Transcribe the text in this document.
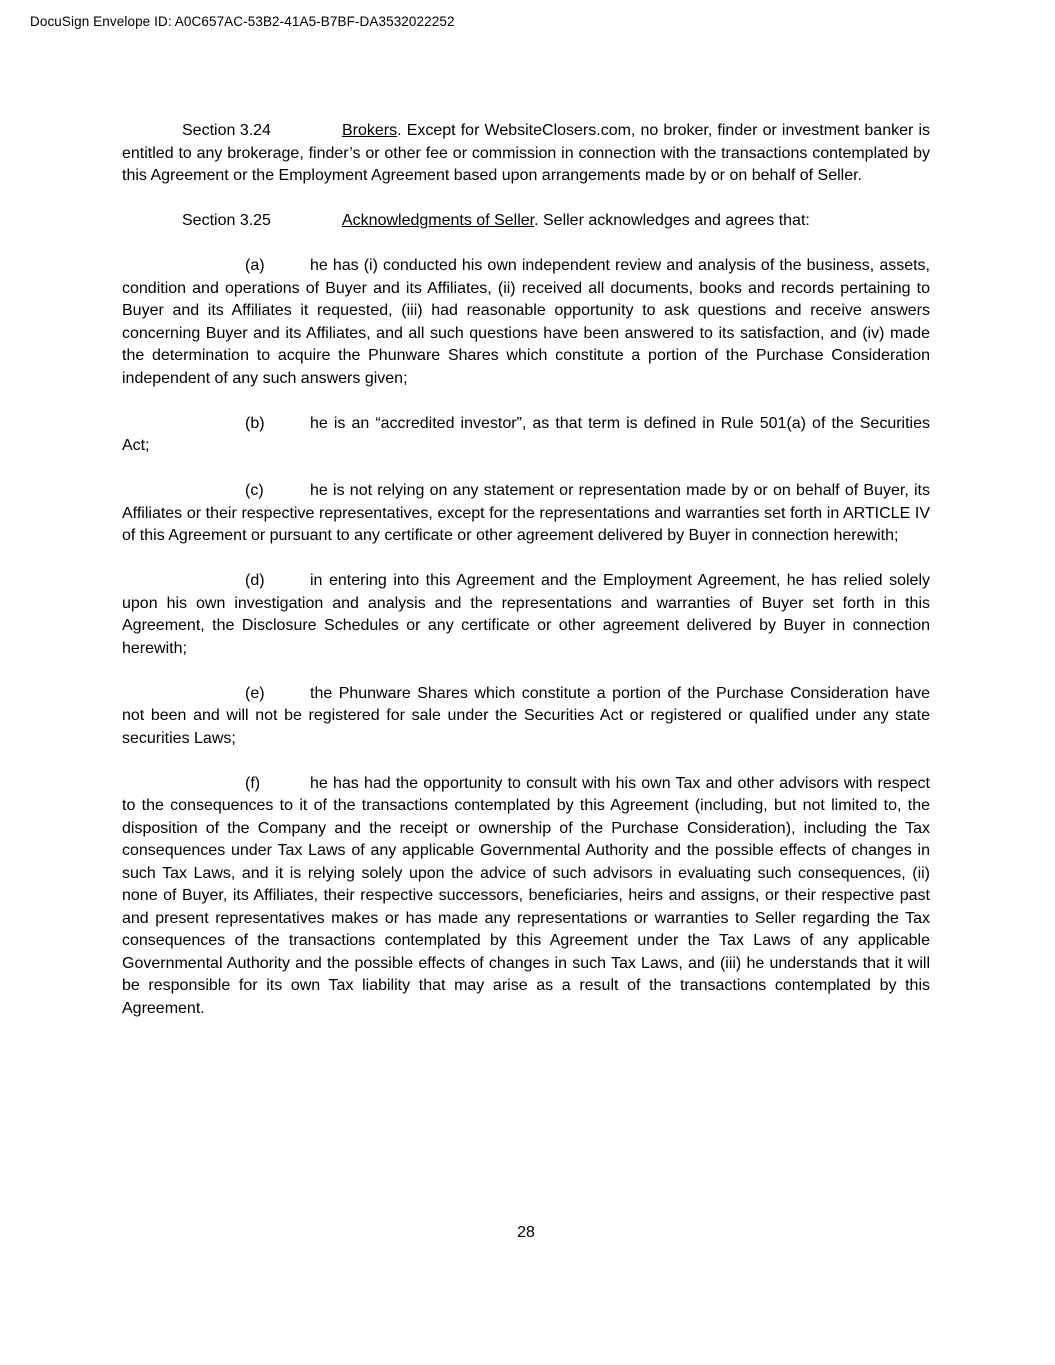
DocuSign Envelope ID: A0C657AC-53B2-41A5-B7BF-DA3532022252

Section 3.24	Brokers. Except for WebsiteClosers.com, no broker, finder or investment banker is entitled to any brokerage, finder’s or other fee or commission in connection with the transactions contemplated by this Agreement or the Employment Agreement based upon arrangements made by or on behalf of Seller.

Section 3.25	Acknowledgments of Seller. Seller acknowledges and agrees that:

(a)	he has (i) conducted his own independent review and analysis of the business, assets, condition and operations of Buyer and its Affiliates, (ii) received all documents, books and records pertaining to Buyer and its Affiliates it requested, (iii) had reasonable opportunity to ask questions and receive answers concerning Buyer and its Affiliates, and all such questions have been answered to its satisfaction, and (iv) made the determination to acquire the Phunware Shares which constitute a portion of the Purchase Consideration independent of any such answers given;

(b)	he is an “accredited investor”, as that term is defined in Rule 501(a) of the Securities Act;

(c)	he is not relying on any statement or representation made by or on behalf of Buyer, its Affiliates or their respective representatives, except for the representations and warranties set forth in ARTICLE IV of this Agreement or pursuant to any certificate or other agreement delivered by Buyer in connection herewith;

(d)	in entering into this Agreement and the Employment Agreement, he has relied solely upon his own investigation and analysis and the representations and warranties of Buyer set forth in this Agreement, the Disclosure Schedules or any certificate or other agreement delivered by Buyer in connection herewith;

(e)	the Phunware Shares which constitute a portion of the Purchase Consideration have not been and will not be registered for sale under the Securities Act or registered or qualified under any state securities Laws;

(f)	he has had the opportunity to consult with his own Tax and other advisors with respect to the consequences to it of the transactions contemplated by this Agreement (including, but not limited to, the disposition of the Company and the receipt or ownership of the Purchase Consideration), including the Tax consequences under Tax Laws of any applicable Governmental Authority and the possible effects of changes in such Tax Laws, and it is relying solely upon the advice of such advisors in evaluating such consequences, (ii) none of Buyer, its Affiliates, their respective successors, beneficiaries, heirs and assigns, or their respective past and present representatives makes or has made any representations or warranties to Seller regarding the Tax consequences of the transactions contemplated by this Agreement under the Tax Laws of any applicable Governmental Authority and the possible effects of changes in such Tax Laws, and (iii) he understands that it will be responsible for its own Tax liability that may arise as a result of the transactions contemplated by this Agreement.

28
